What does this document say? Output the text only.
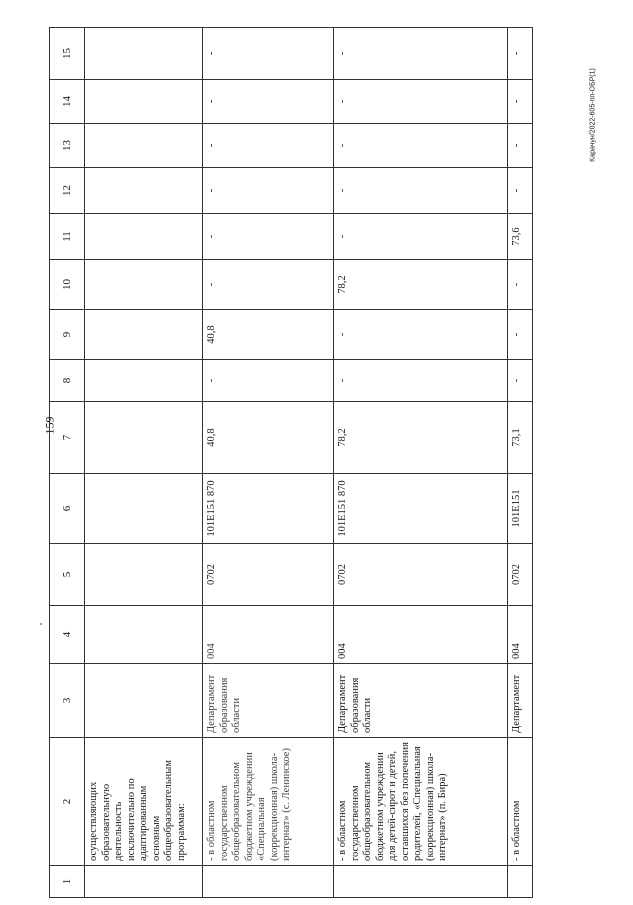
159
Карачун/2022-605-пп-ОБР(1)
1	2	3	4	5	6	7	8	9	10	11	12	13	14	15
	осуществляющих образовательную деятельность исключительно по адаптированным основным общеобразовательным программам:													
	- в областном государственном общеобразовательном бюджетном учреждении «Специальная (коррекционная) школа-интернат» (с. Ленинское)	Департамент образования области	004	0702	101E151 870	40,8	-	40,8	-	-	-	-	-	-
	- в областном государственном общеобразовательном бюджетном учреждении для детей-сирот и детей, оставшихся без попечения родителей, «Специальная (коррекционная) школа-интернат» (п. Бира)	Департамент образования области	004	0702	101E151 870	78,2	-	-	78,2	-	-	-	-	-
	- в областном	Департамент	004	0702	101E151	73,1	-	-	-	73,6	-	-	-	-
